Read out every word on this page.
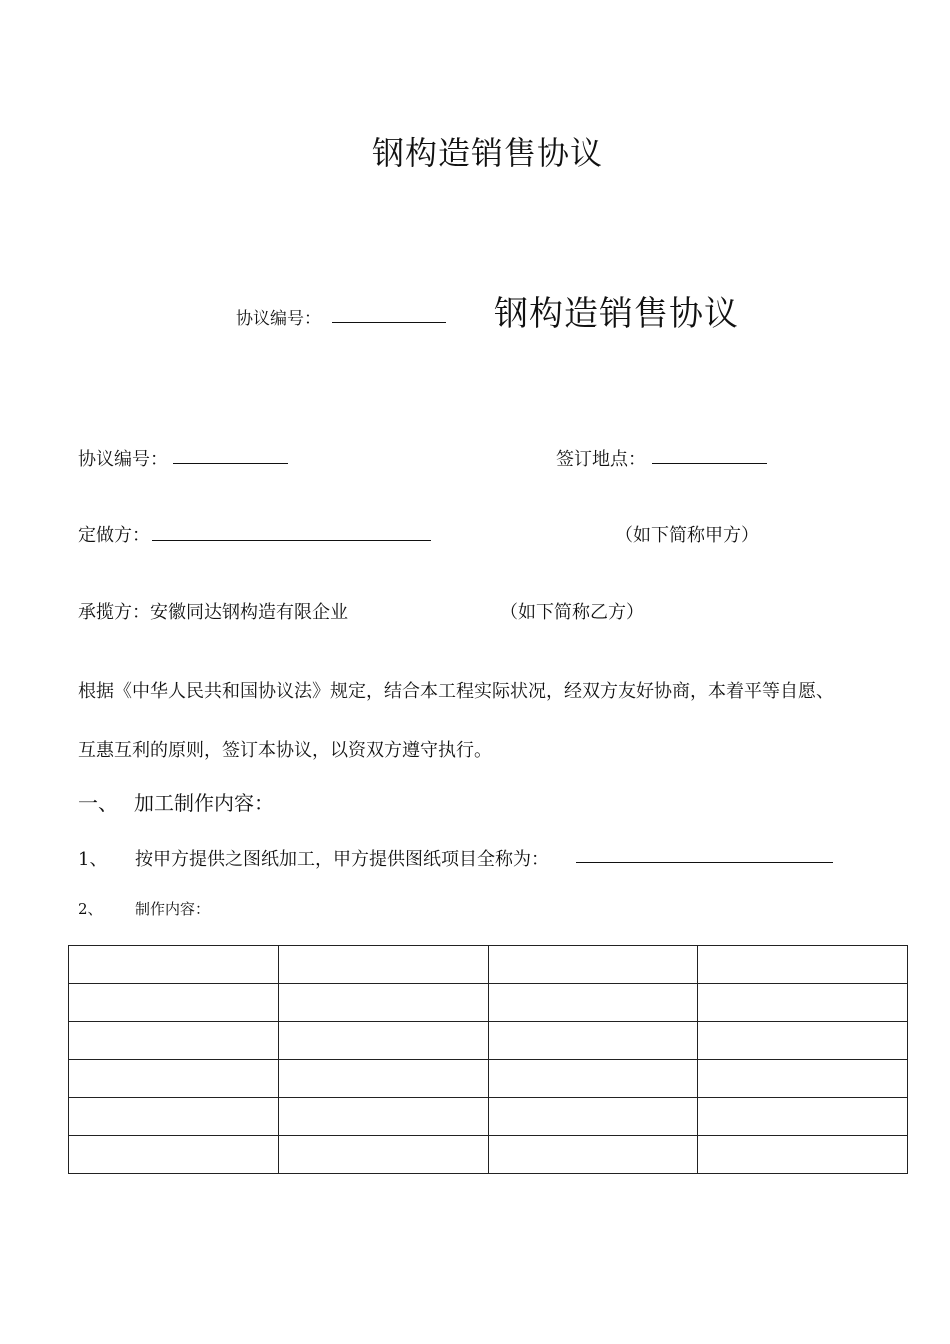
钢构造销售协议
协议编号：	钢构造销售协议
协议编号：	签订地点：
定做方：	（如下简称甲方）
承揽方：安徽同达钢构造有限企业	（如下简称乙方）
根据《中华人民共和国协议法》规定，结合本工程实际状况，经双方友好协商，本着平等自愿、
互惠互利的原则，签订本协议，以资双方遵守执行。
一、 加工制作内容：
1、 按甲方提供之图纸加工，甲方提供图纸项目全称为：
2、 制作内容：
